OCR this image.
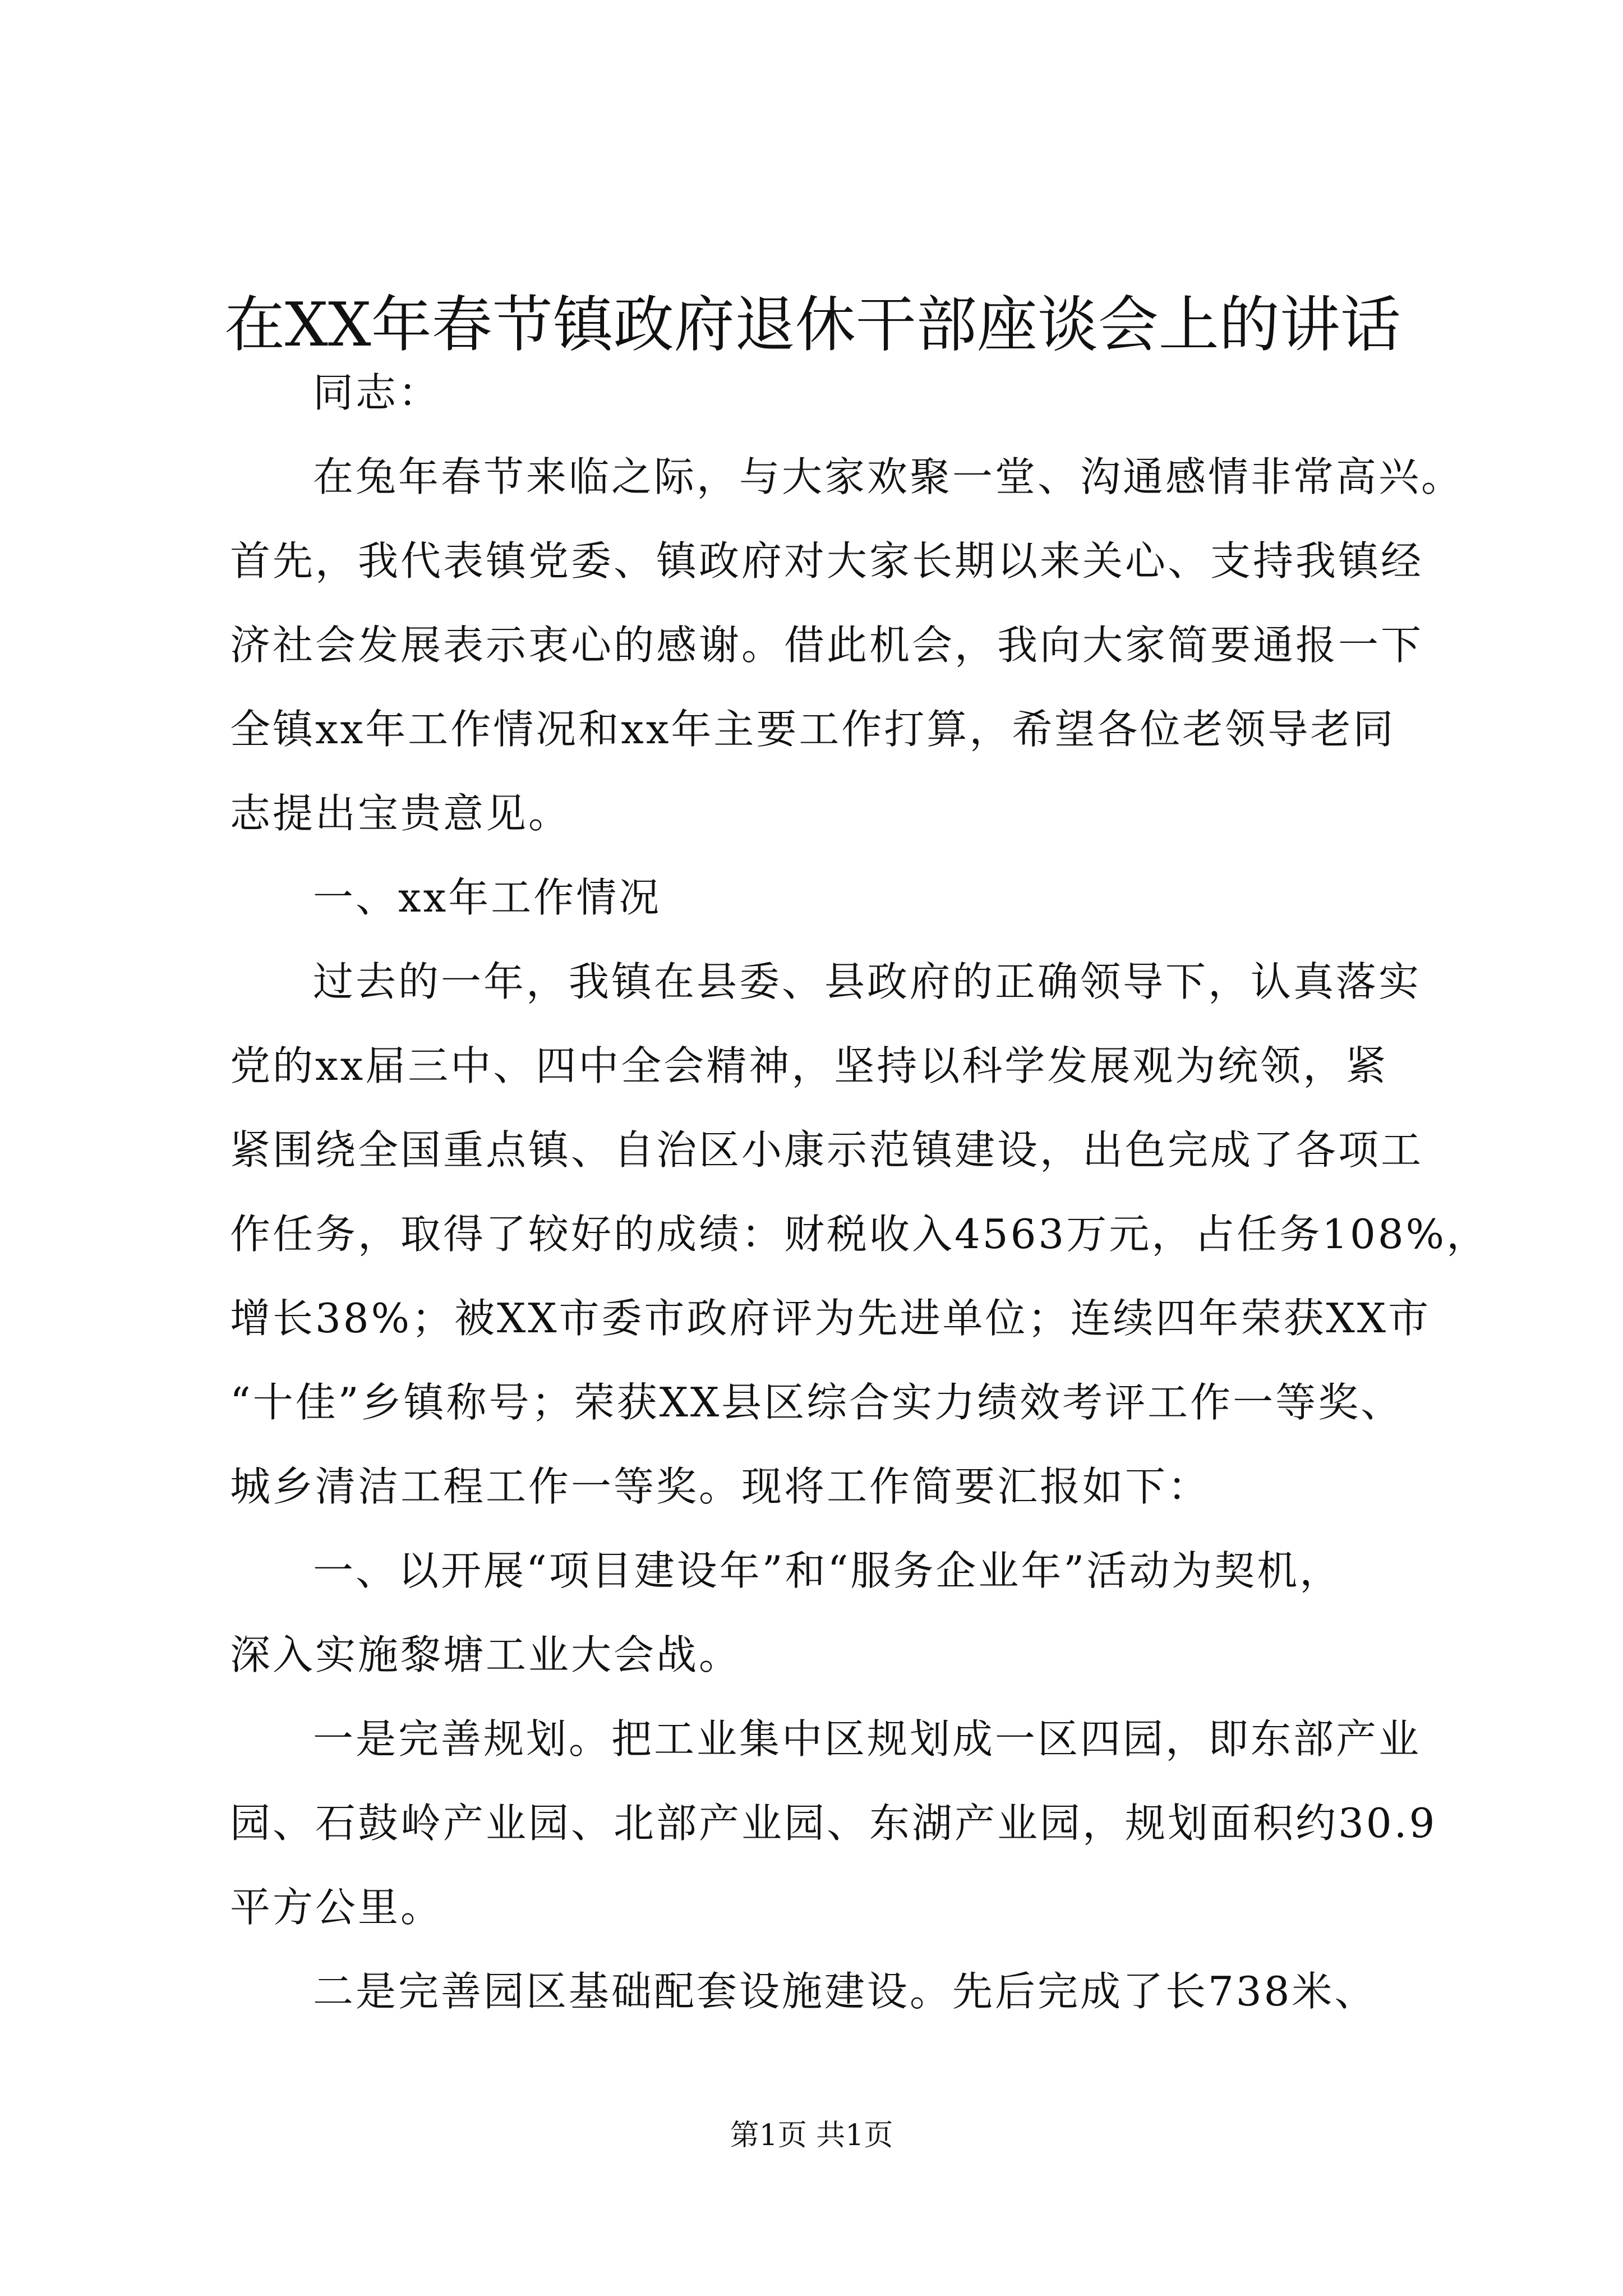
在XX年春节镇政府退休干部座谈会上的讲话
同志：
在兔年春节来临之际，与大家欢聚一堂、沟通感情非常高兴。
首先，我代表镇党委、镇政府对大家长期以来关心、支持我镇经
济社会发展表示衷心的感谢。借此机会，我向大家简要通报一下
全镇xx年工作情况和xx年主要工作打算，希望各位老领导老同
志提出宝贵意见。
一、xx年工作情况
过去的一年，我镇在县委、县政府的正确领导下，认真落实
党的xx届三中、四中全会精神，坚持以科学发展观为统领，紧
紧围绕全国重点镇、自治区小康示范镇建设，出色完成了各项工
作任务，取得了较好的成绩：财税收入4563万元，占任务108%，
增长38%；被XX市委市政府评为先进单位；连续四年荣获XX市
“十佳”乡镇称号；荣获XX县区综合实力绩效考评工作一等奖、
城乡清洁工程工作一等奖。现将工作简要汇报如下：
一、以开展“项目建设年”和“服务企业年”活动为契机，
深入实施黎塘工业大会战。
一是完善规划。把工业集中区规划成一区四园，即东部产业
园、石鼓岭产业园、北部产业园、东湖产业园，规划面积约30.9
平方公里。
二是完善园区基础配套设施建设。先后完成了长738米、
第1页 共1页
